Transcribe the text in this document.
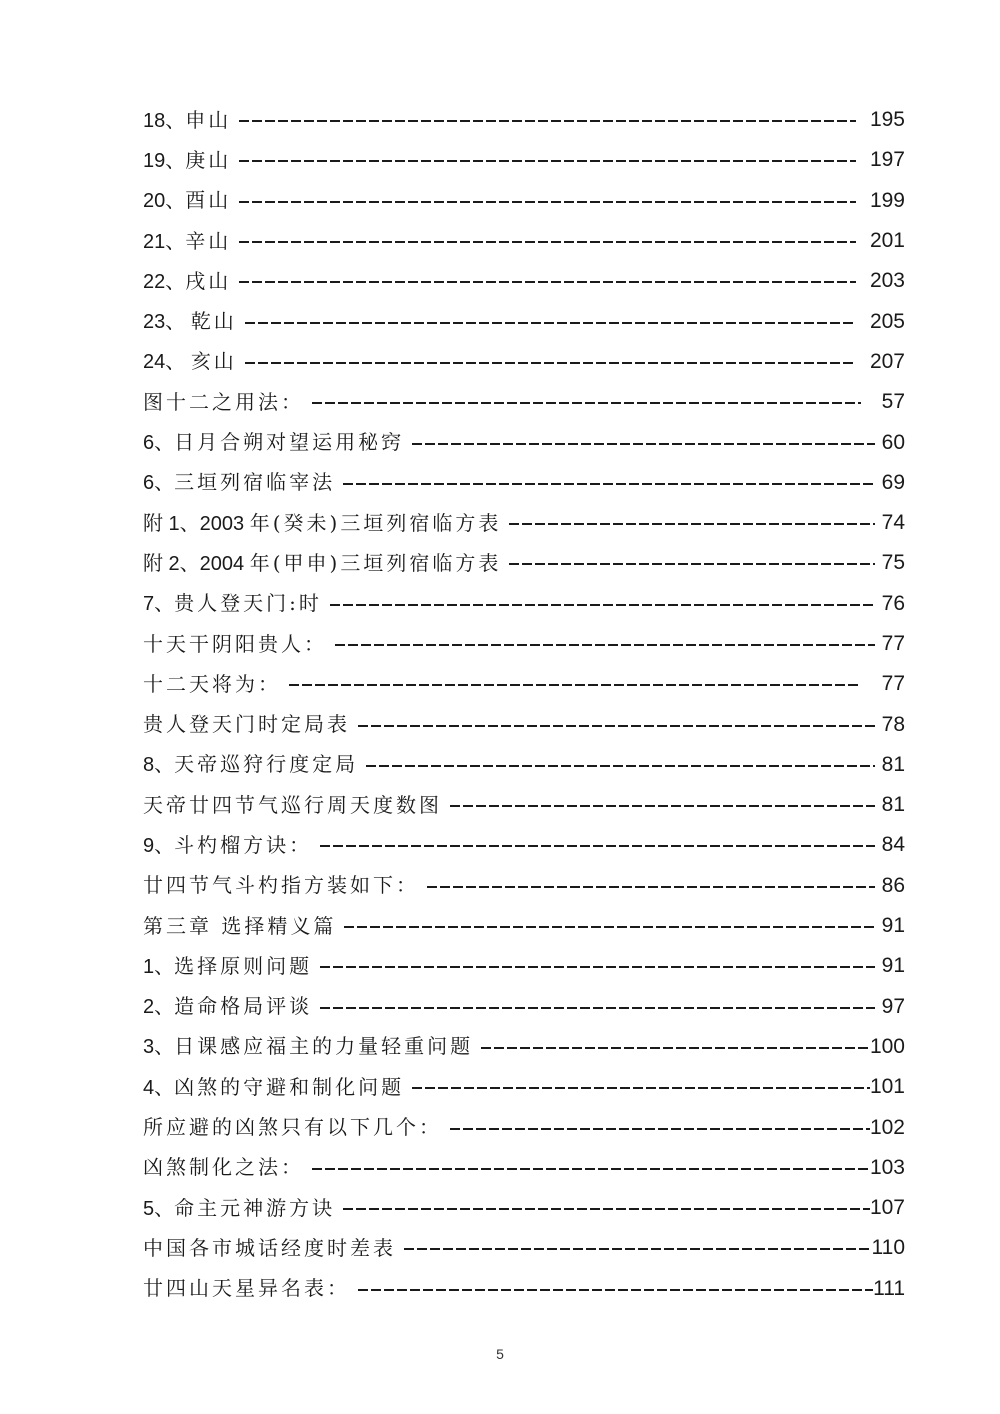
18、申山	195
19、庚山	197
20、酉山	199
21、辛山	201
22、戌山	203
23、 乾山	205
24、 亥山	207
图十二之用法：	57
6、日月合朔对望运用秘窍	60
6、三垣列宿临宰法	69
附 1、2003 年(癸未)三垣列宿临方表	74
附 2、2004 年(甲申)三垣列宿临方表	75
7、贵人登天门:时	76
十天干阴阳贵人：	77
十二天将为：	77
贵人登天门时定局表	78
8、天帝巡狩行度定局	81
天帝廿四节气巡行周天度数图	81
9、斗杓榴方诀：	84
廿四节气斗杓指方装如下：	86
第三章 选择精义篇	91
1、选择原则问题	91
2、造命格局评谈	97
3、日课感应福主的力量轻重问题	100
4、凶煞的守避和制化问题	101
所应避的凶煞只有以下几个：	102
凶煞制化之法：	103
5、命主元神游方诀	107
中国各市城话经度时差表	110
廿四山天星异名表：	111
5
